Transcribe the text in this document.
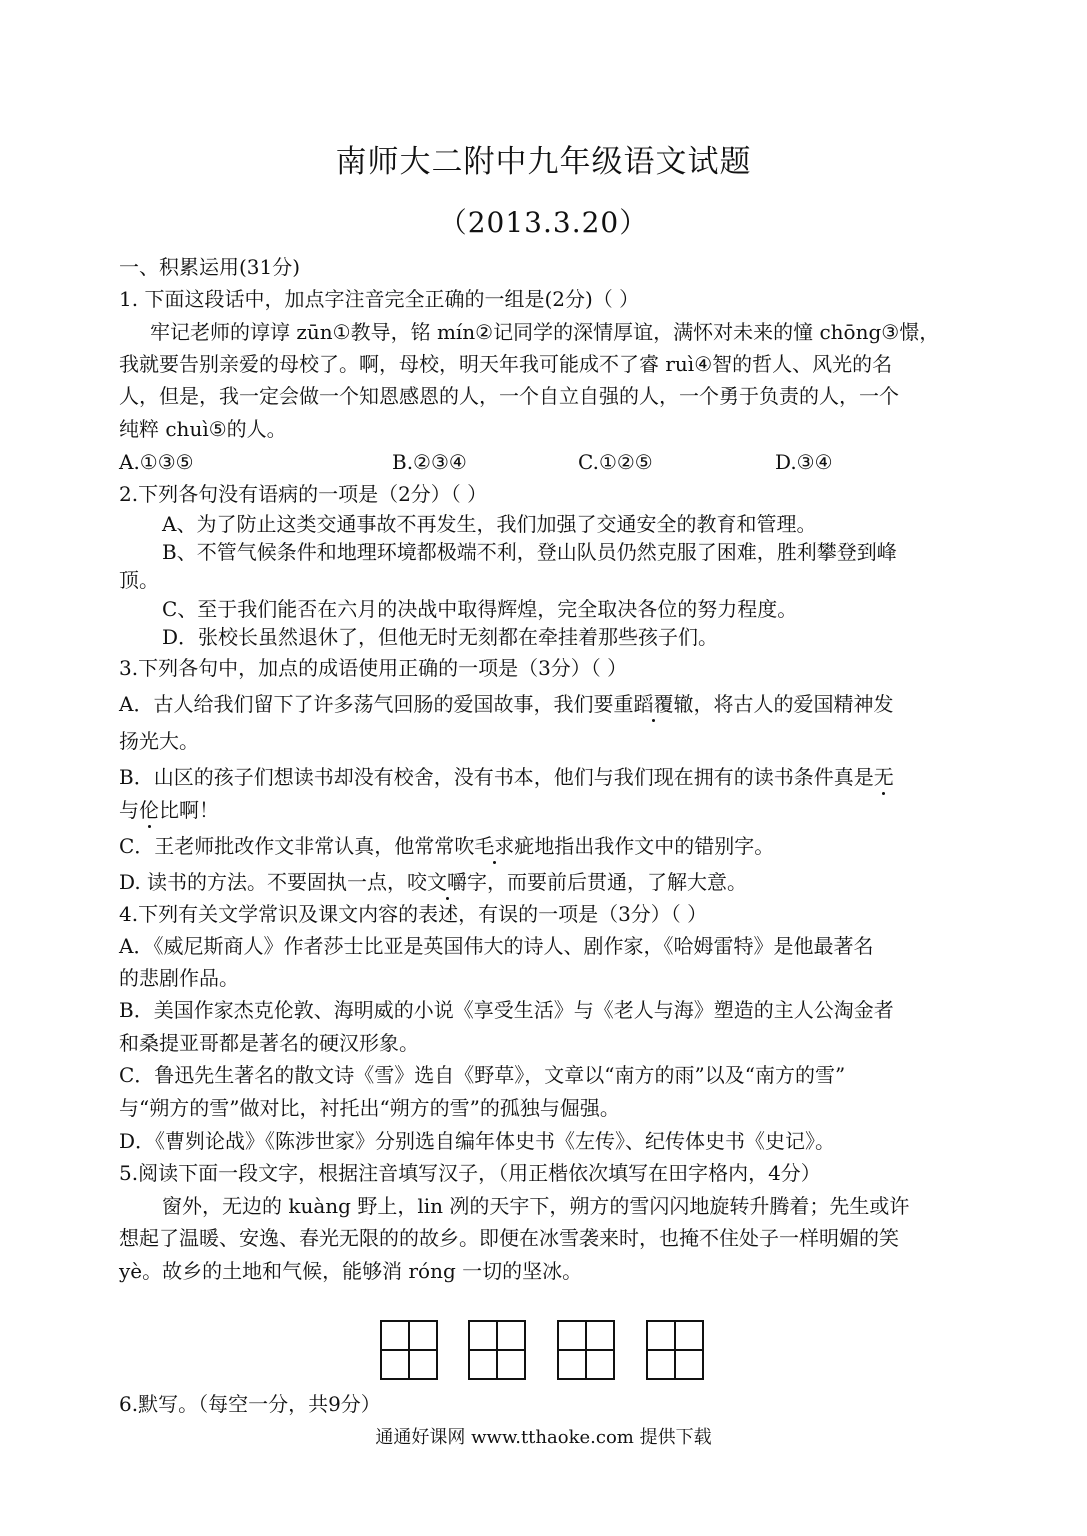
南师大二附中九年级语文试题
（2013.3.20）
一、积累运用(31分)
1. 下面这段话中，加点字注音完全正确的一组是(2分)（ ）
牢记老师的谆谆 zūn①教导，铭 mín②记同学的深情厚谊，满怀对未来的憧 chōng③憬，
我就要告别亲爱的母校了。啊，母校，明天年我可能成不了睿 ruì④智的哲人、风光的名
人，但是，我一定会做一个知恩感恩的人，一个自立自强的人，一个勇于负责的人，一个
纯粹 chuì⑤的人。
A.①③⑤	B.②③④	C.①②⑤	D.③④
2.下列各句没有语病的一项是（2分）（ ）
A、为了防止这类交通事故不再发生，我们加强了交通安全的教育和管理。
B、不管气候条件和地理环境都极端不利，登山队员仍然克服了困难，胜利攀登到峰
顶。
C、至于我们能否在六月的决战中取得辉煌，完全取决各位的努力程度。
D．张校长虽然退休了，但他无时无刻都在牵挂着那些孩子们。
3.下列各句中，加点的成语使用正确的一项是（3分）（ ）
A．古人给我们留下了许多荡气回肠的爱国故事，我们要重蹈覆辙，将古人的爱国精神发
扬光大。
B．山区的孩子们想读书却没有校舍，没有书本，他们与我们现在拥有的读书条件真是无
与伦比啊！
C．王老师批改作文非常认真，他常常吹毛求疵地指出我作文中的错别字。
D. 读书的方法。不要固执一点，咬文嚼字，而要前后贯通，了解大意。
4.下列有关文学常识及课文内容的表述，有误的一项是（3分）（ ）
A．《威尼斯商人》作者莎士比亚是英国伟大的诗人、剧作家，《哈姆雷特》是他最著名
的悲剧作品。
B．美国作家杰克伦敦、海明威的小说《享受生活》与《老人与海》塑造的主人公淘金者
和桑提亚哥都是著名的硬汉形象。
C．鲁迅先生著名的散文诗《雪》选自《野草》，文章以“南方的雨”以及“南方的雪”
与“朔方的雪”做对比，衬托出“朔方的雪”的孤独与倔强。
D．《曹刿论战》《陈涉世家》分别选自编年体史书《左传》、纪传体史书《史记》。
5.阅读下面一段文字，根据注音填写汉子，（用正楷依次填写在田字格内，4分）
窗外，无边的 kuàng 野上，lin 冽的天宇下，朔方的雪闪闪地旋转升腾着；先生或许
想起了温暖、安逸、春光无限的的故乡。即便在冰雪袭来时，也掩不住处子一样明媚的笑
yè。故乡的土地和气候，能够消 róng 一切的坚冰。
6.默写。（每空一分，共9分）
通通好课网 www.tthaoke.com 提供下载
